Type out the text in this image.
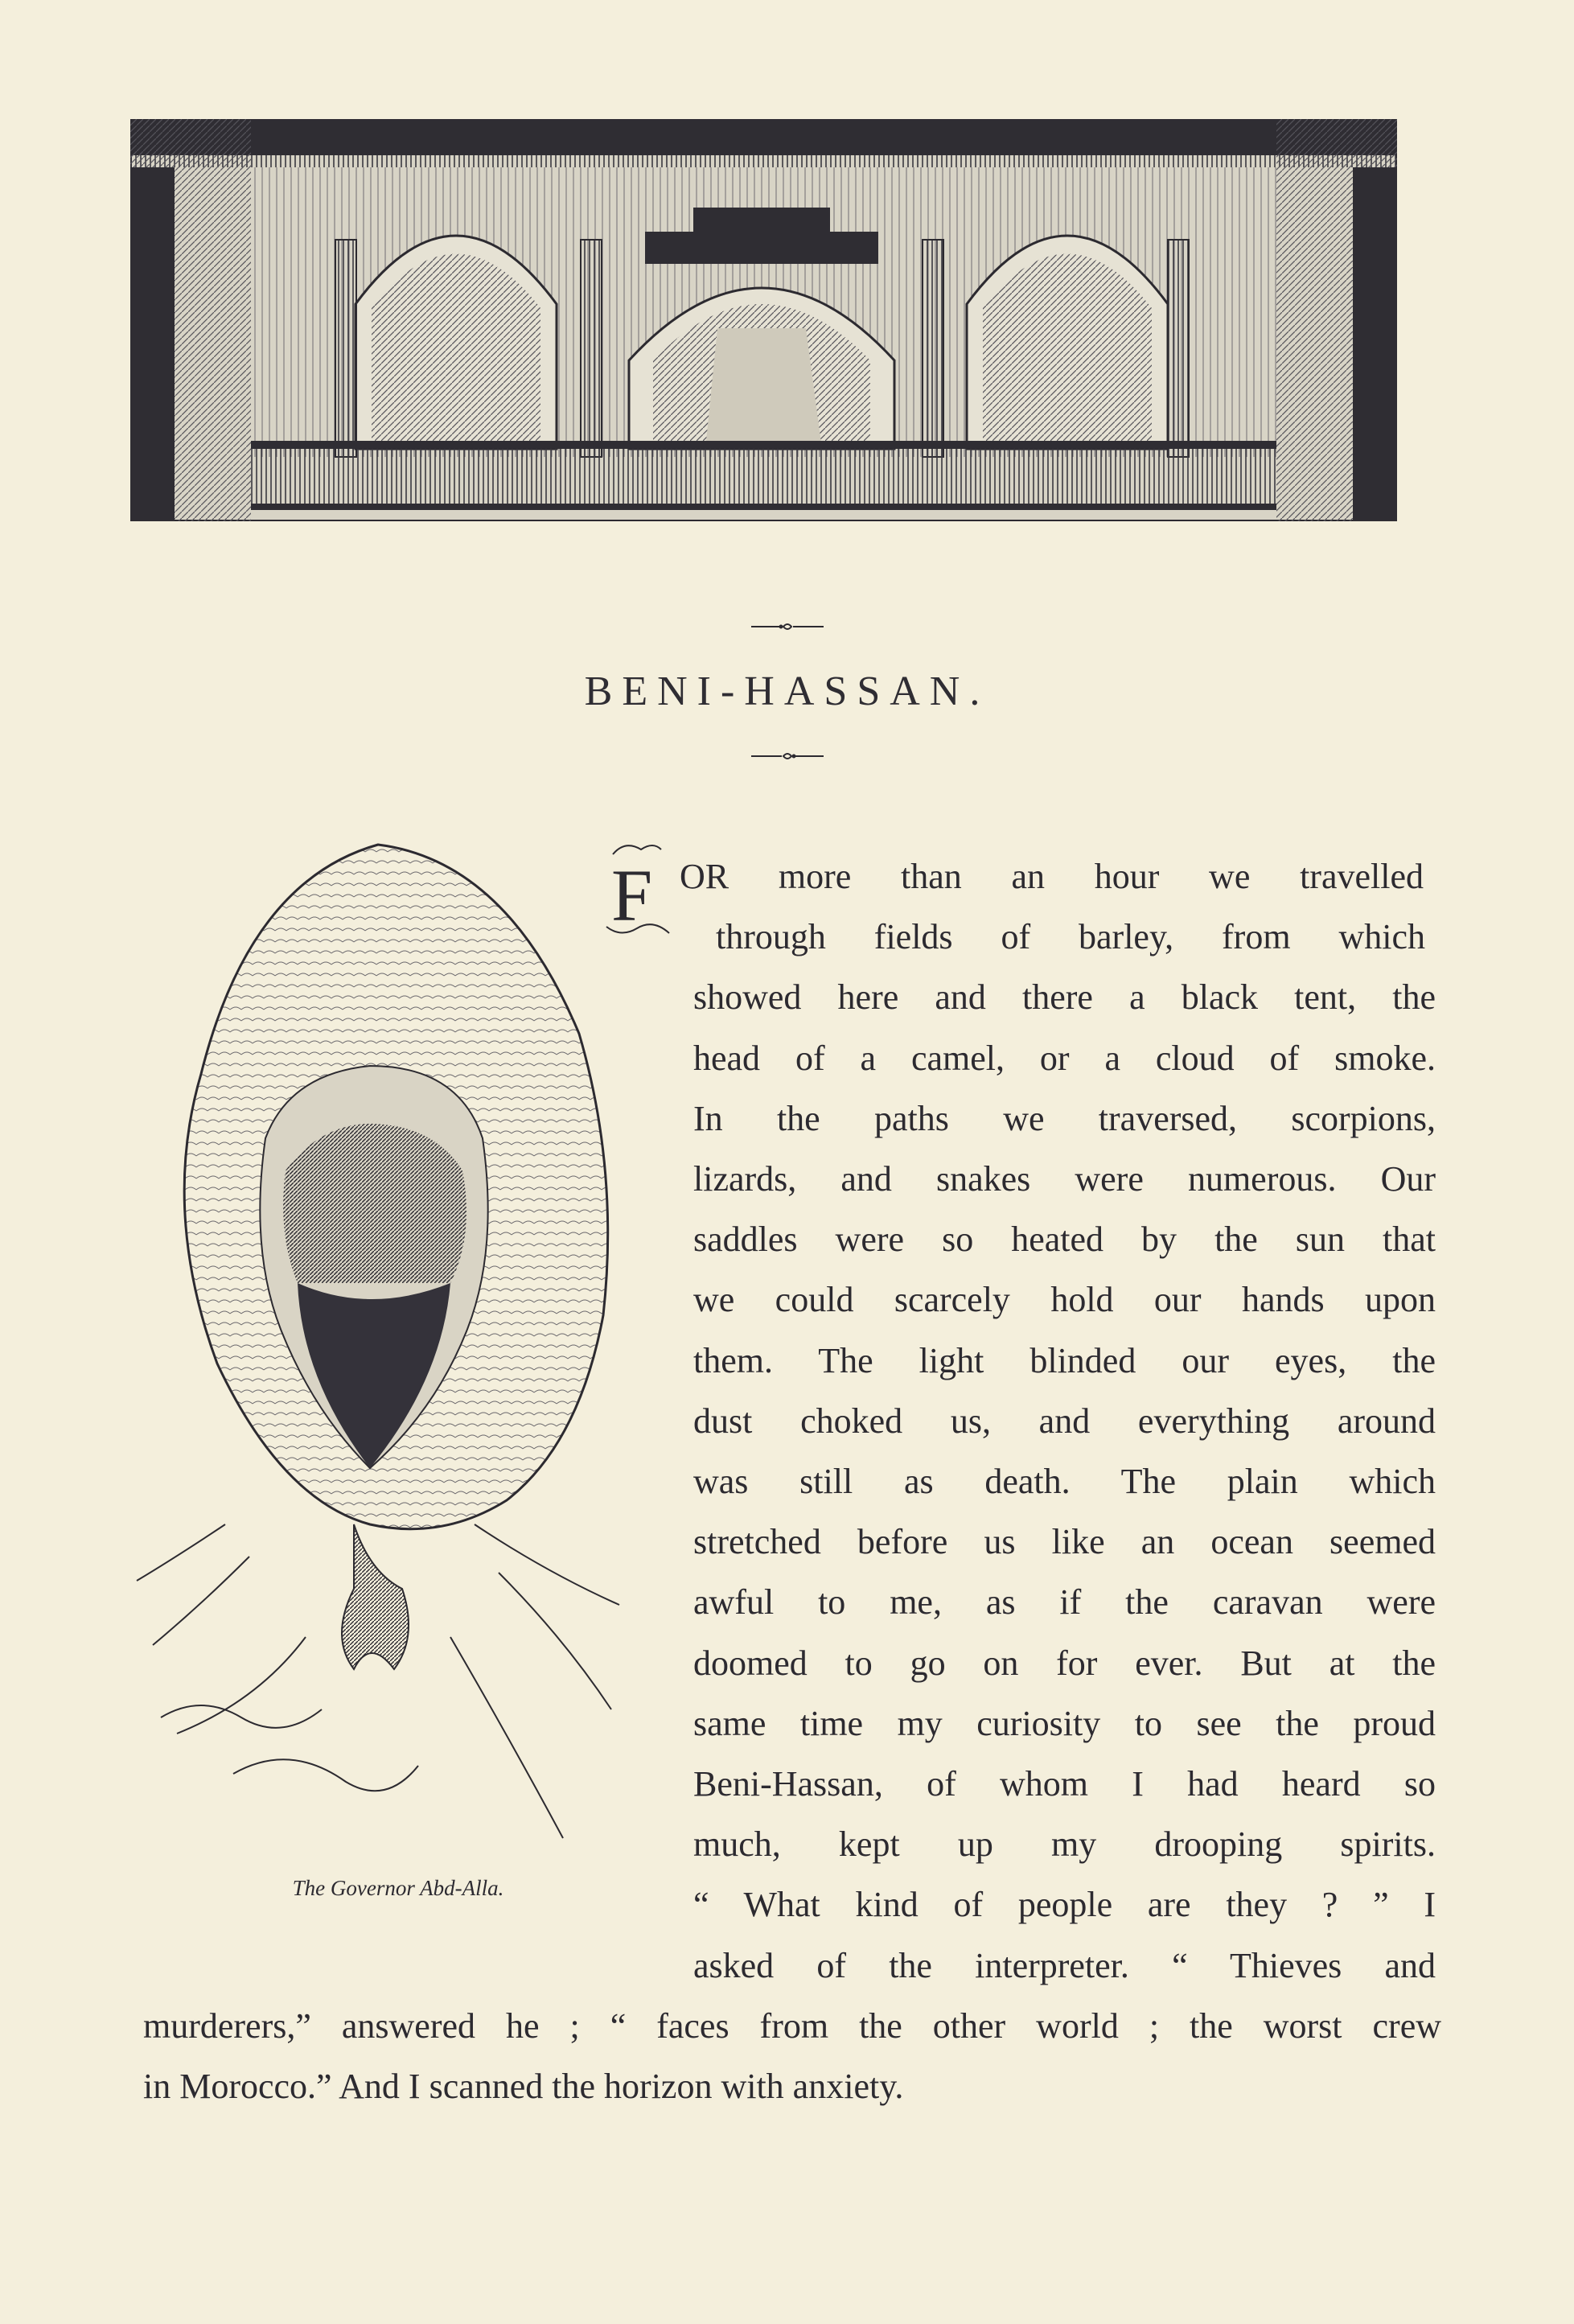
BENI-HASSAN.
The Governor Abd-Alla.
F OR more than an hour we travelled
through fields of barley, from which
showed here and there a black tent, the
head of a camel, or a cloud of smoke.
In the paths we traversed, scorpions,
lizards, and snakes were numerous. Our
saddles were so heated by the sun that
we could scarcely hold our hands upon
them. The light blinded our eyes, the
dust choked us, and everything around
was still as death. The plain which
stretched before us like an ocean seemed
awful to me, as if the caravan were
doomed to go on for ever. But at the
same time my curiosity to see the proud
Beni-Hassan, of whom I had heard so
much, kept up my drooping spirits.
“ What kind of people are they ? ” I
asked of the interpreter. “ Thieves and
murderers,” answered he ; “ faces from the other world ; the worst crew
in Morocco.” And I scanned the horizon with anxiety.
